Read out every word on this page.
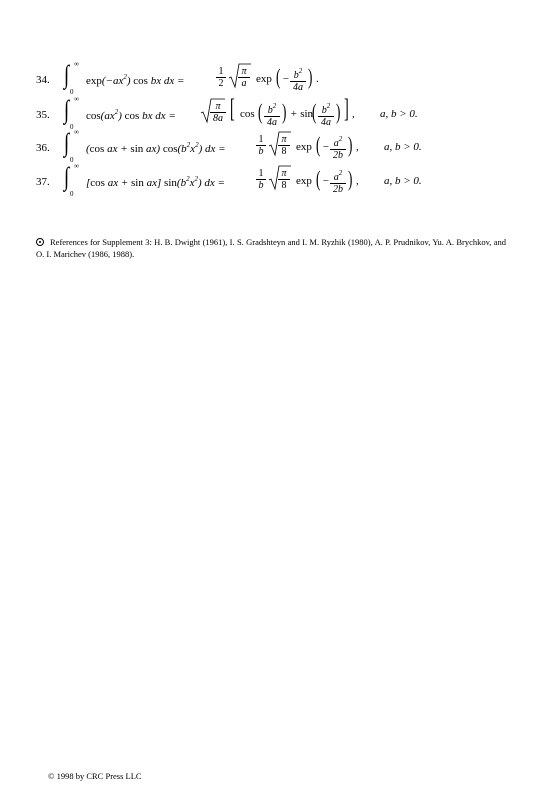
34. ∫ ∞
0
$\exp(-ax^2)$ cos bx dx =	$\frac{1}{2} \frac{\pi}{a}$ exp ( − $\frac{b^2}{4a}$ ) .
35. ∫ ∞
0
$\cos(ax^2)$ cos bx dx =	$\frac{\pi}{8a}$ [ cos ( $\frac{b^2}{4a}$ ) + sin
( $\frac{b^2}{4a}$ ) ] , a, b > 0.
36. ∫ ∞
0
(cos ax + sin ax) $\cos(b^2x^2)$ dx =	$\frac{1}{b} \frac{\pi}{8}$ exp ( − $\frac{a^2}{2b}$ ) , a, b > 0.
37. ∫ ∞
0
[cos ax + sin ax] $\sin(b^2x^2)$ dx =	$\frac{1}{b} \frac{\pi}{8}$ exp ( − $\frac{a^2}{2b}$ ) , a, b > 0.
References for Supplement 3: H. B. Dwight (1961), I. S. Gradshteyn and I. M. Ryzhik (1980), A. P. Prudnikov, Yu. A. Brychkov, and O. I. Marichev (1986, 1988).
© 1998 by CRC Press LLC
